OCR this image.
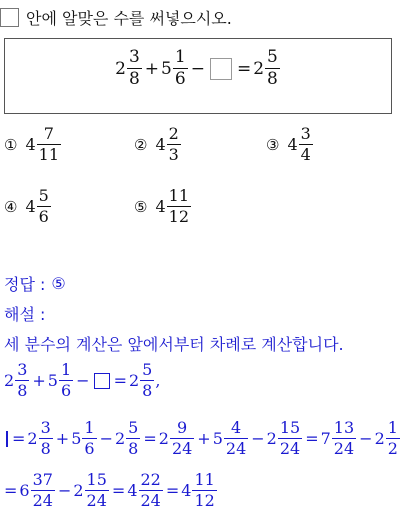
안에 알맞은 수를 써넣으시오.
$2 \frac{3}{8} + 5 \frac{1}{6}$ − = $2 \frac{5}{8}$
① $4 \frac{7}{11}$	② $4 \frac{2}{3}$	③ $4 \frac{3}{4}$
④ $4 \frac{5}{6}$	⑤ $4 \frac{11}{12}$
정답 : ⑤
해설 :
세 분수의 계산은 앞에서부터 차례로 계산합니다.
$2 \frac{3}{8} + 5 \frac{1}{6}$ − = $2 \frac{5}{8}$ ,
= $2 \frac{3}{8} + 5 \frac{1}{6} - 2 \frac{5}{8} = 2 \frac{9}{24} + 5 \frac{4}{24} - 2 \frac{15}{24} = 7 \frac{13}{24} - 2 \frac{1}{2}$
= $6 \frac{37}{24} - 2 \frac{15}{24} = 4 \frac{22}{24} = 4 \frac{11}{12}$
